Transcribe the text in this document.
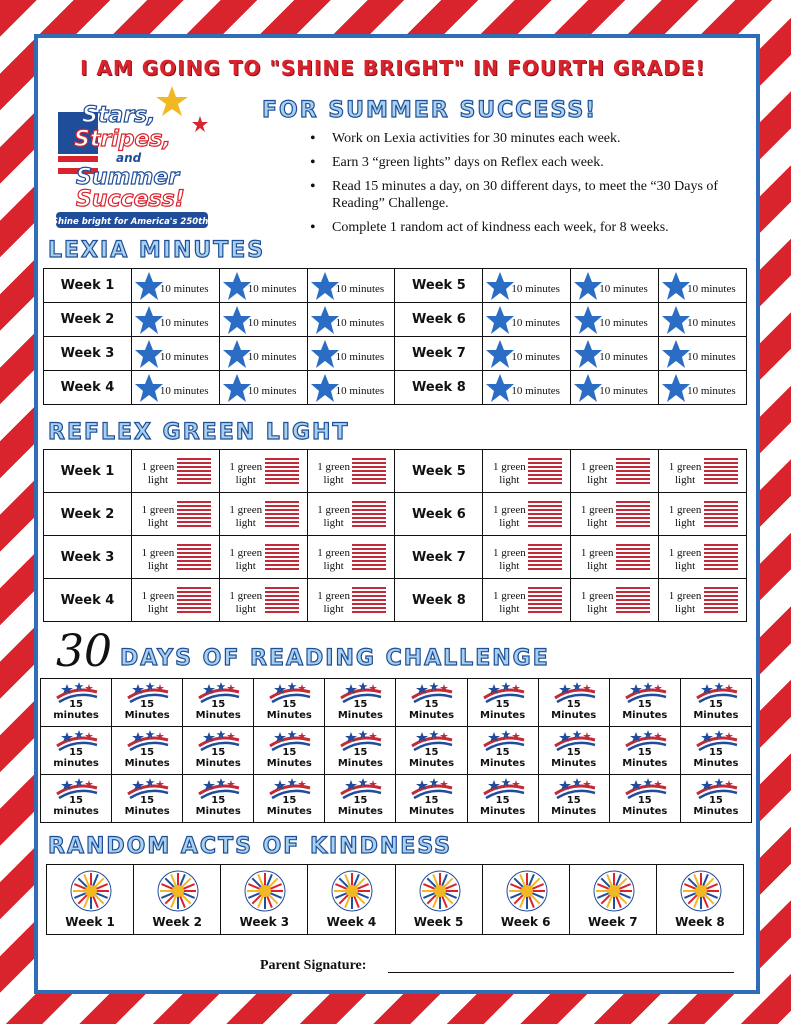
I AM GOING TO "SHINE BRIGHT" IN FOURTH GRADE!
Stars,
Stripes,
and
Summer
Success!
Shine bright for America's 250th!
FOR SUMMER SUCCESS!
• Work on Lexia activities for 30 minutes each week.
• Earn 3 “green lights” days on Reflex each week.
• Read 15 minutes a day, on 30 different days, to meet the “30 Days of Reading” Challenge.
• Complete 1 random act of kindness each week, for 8 weeks.
LEXIA MINUTES
Week 1	10 minutes	10 minutes	10 minutes	Week 5	10 minutes	10 minutes	10 minutes

Week 2	10 minutes	10 minutes	10 minutes	Week 6	10 minutes	10 minutes	10 minutes

Week 3	10 minutes	10 minutes	10 minutes	Week 7	10 minutes	10 minutes	10 minutes

Week 4	10 minutes	10 minutes	10 minutes	Week 8	10 minutes	10 minutes	10 minutes
REFLEX GREEN LIGHT
Week 1	1 green
light	1 green
light	1 green
light	Week 5	1 green
light	1 green
light	1 green
light

Week 2	1 green
light	1 green
light	1 green
light	Week 6	1 green
light	1 green
light	1 green
light

Week 3	1 green
light	1 green
light	1 green
light	Week 7	1 green
light	1 green
light	1 green
light

Week 4	1 green
light	1 green
light	1 green
light	Week 8	1 green
light	1 green
light	1 green
light
30 DAYS OF READING CHALLENGE
15
minutes	15
Minutes	15
Minutes	15
Minutes	15
Minutes	15
Minutes	15
Minutes	15
Minutes	15
Minutes	15
Minutes

15
minutes	15
Minutes	15
Minutes	15
Minutes	15
Minutes	15
Minutes	15
Minutes	15
Minutes	15
Minutes	15
Minutes

15
minutes	15
Minutes	15
Minutes	15
Minutes	15
Minutes	15
Minutes	15
Minutes	15
Minutes	15
Minutes	15
Minutes
RANDOM ACTS OF KINDNESS
Week 1	Week 2	Week 3	Week 4	Week 5	Week 6	Week 7	Week 8
Parent Signature:
